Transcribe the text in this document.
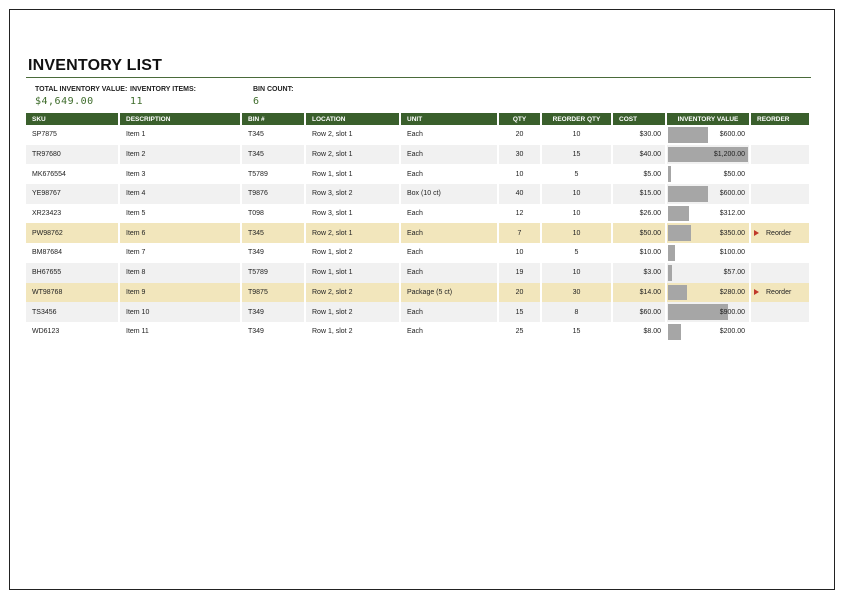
INVENTORY LIST
TOTAL INVENTORY VALUE:
$4,649.00
INVENTORY ITEMS:
11
BIN COUNT:
6
SKU	DESCRIPTION	BIN #	LOCATION	UNIT	QTY	REORDER QTY	COST	INVENTORY VALUE	REORDER
SP7875	Item 1	T345	Row 2, slot 1	Each	20	10	$30.00	$600.00	

TR97680	Item 2	T345	Row 2, slot 1	Each	30	15	$40.00	$1,200.00	

MK676554	Item 3	T5789	Row 1, slot 1	Each	10	5	$5.00	$50.00	

YE98767	Item 4	T9876	Row 3, slot 2	Box (10 ct)	40	10	$15.00	$600.00	

XR23423	Item 5	T098	Row 3, slot 1	Each	12	10	$26.00	$312.00	

PW98762	Item 6	T345	Row 2, slot 1	Each	7	10	$50.00	$350.00	Reorder

BM87684	Item 7	T349	Row 1, slot 2	Each	10	5	$10.00	$100.00	

BH67655	Item 8	T5789	Row 1, slot 1	Each	19	10	$3.00	$57.00	

WT98768	Item 9	T9875	Row 2, slot 2	Package (5 ct)	20	30	$14.00	$280.00	Reorder

TS3456	Item 10	T349	Row 1, slot 2	Each	15	8	$60.00	$900.00	

WD6123	Item 11	T349	Row 1, slot 2	Each	25	15	$8.00	$200.00	
